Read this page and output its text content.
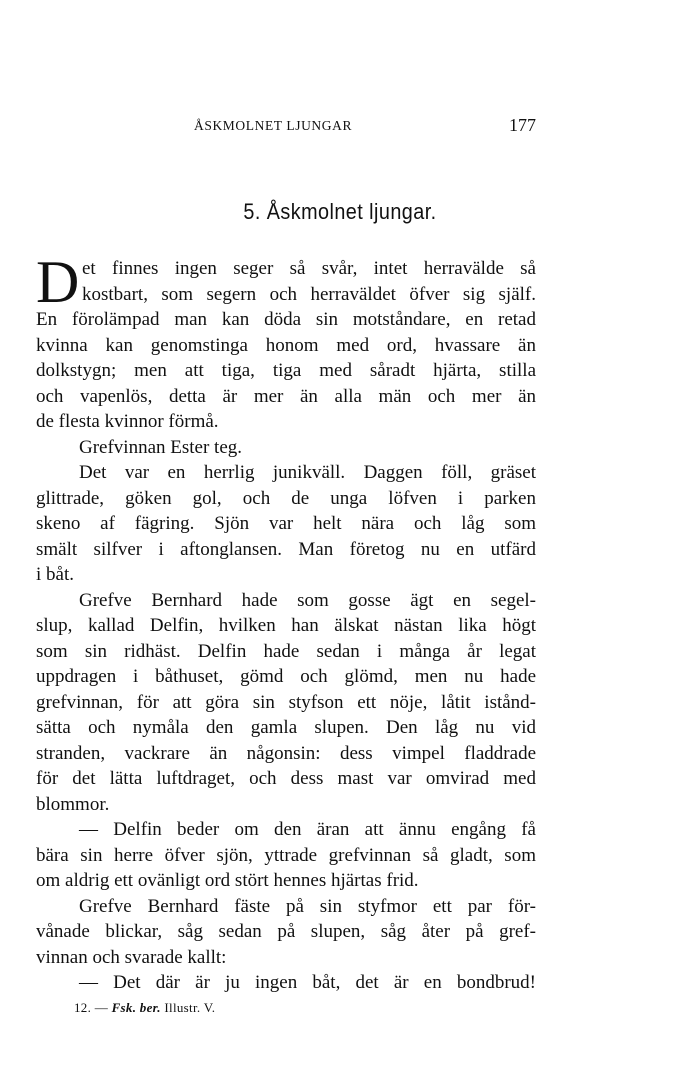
ÅSKMOLNET LJUNGAR	177
5. Åskmolnet ljungar.
D et finnes ingen seger så svår, intet herravälde så
kostbart, som segern och herraväldet öfver sig själf.
En förolämpad man kan döda sin motståndare, en retad
kvinna kan genomstinga honom med ord, hvassare än
dolkstygn; men att tiga, tiga med såradt hjärta, stilla
och vapenlös, detta är mer än alla män och mer än
de flesta kvinnor förmå.
Grefvinnan Ester teg.
Det var en herrlig junikväll. Daggen föll, gräset
glittrade, göken gol, och de unga löfven i parken
skeno af fägring. Sjön var helt nära och låg som
smält silfver i aftonglansen. Man företog nu en utfärd
i båt.
Grefve Bernhard hade som gosse ägt en segel-
slup, kallad Delfin, hvilken han älskat nästan lika högt
som sin ridhäst. Delfin hade sedan i många år legat
uppdragen i båthuset, gömd och glömd, men nu hade
grefvinnan, för att göra sin styfson ett nöje, låtit istånd-
sätta och nymåla den gamla slupen. Den låg nu vid
stranden, vackrare än någonsin: dess vimpel fladdrade
för det lätta luftdraget, och dess mast var omvirad med
blommor.
— Delfin beder om den äran att ännu engång få
bära sin herre öfver sjön, yttrade grefvinnan så gladt, som
om aldrig ett ovänligt ord stört hennes hjärtas frid.
Grefve Bernhard fäste på sin styfmor ett par för-
vånade blickar, såg sedan på slupen, såg åter på gref-
vinnan och svarade kallt:
— Det där är ju ingen båt, det är en bondbrud!
12. — Fsk. ber. Illustr. V.
